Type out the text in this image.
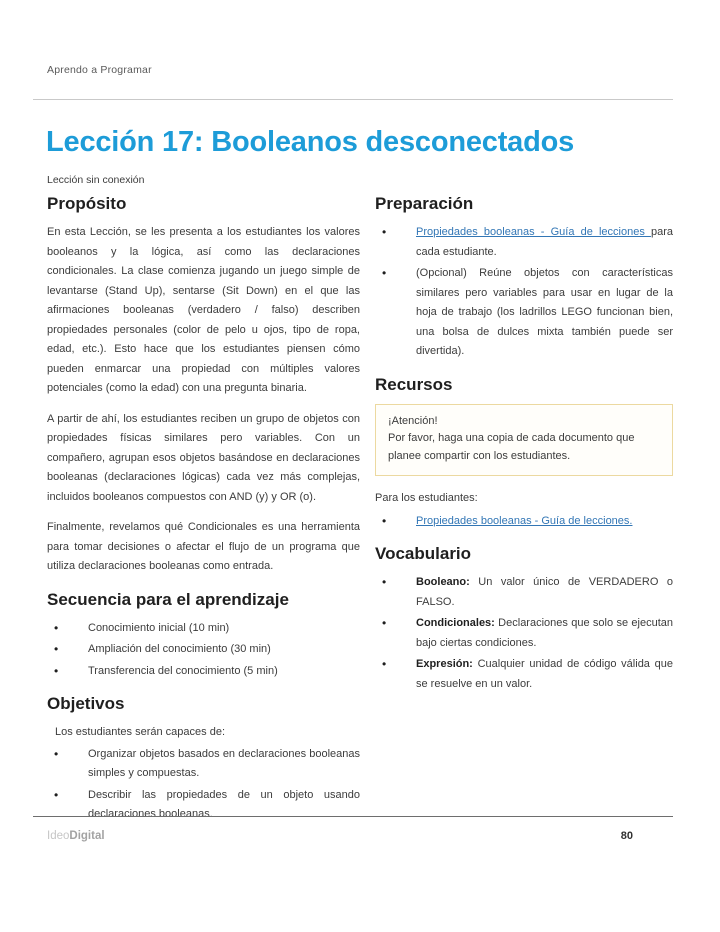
Aprendo a Programar
Lección 17: Booleanos desconectados
Lección sin conexión
Propósito

En esta Lección, se les presenta a los estudiantes los valores booleanos y la lógica, así como las declaraciones condicionales. La clase comienza jugando un juego simple de levantarse (Stand Up), sentarse (Sit Down) en el que las afirmaciones booleanas (verdadero / falso) describen propiedades personales (color de pelo u ojos, tipo de ropa, edad, etc.). Esto hace que los estudiantes piensen cómo pueden enmarcar una propiedad con múltiples valores potenciales (como la edad) con una pregunta binaria.

A partir de ahí, los estudiantes reciben un grupo de objetos con propiedades físicas similares pero variables. Con un compañero, agrupan esos objetos basándose en declaraciones booleanas (declaraciones lógicas) cada vez más complejas, incluidos booleanos compuestos con AND (y) y OR (o).

Finalmente, revelamos qué Condicionales es una herramienta para tomar decisiones o afectar el flujo de un programa que utiliza declaraciones booleanas como entrada.

Secuencia para el aprendizaje
• Conocimiento inicial (10 min)
• Ampliación del conocimiento (30 min)
• Transferencia del conocimiento (5 min)
Objetivos

Los estudiantes serán capaces de:

• Organizar objetos basados en declaraciones booleanas simples y compuestas.
• Describir las propiedades de un objeto usando declaraciones booleanas.
Preparación
• Propiedades booleanas - Guía de lecciones para cada estudiante.
• (Opcional) Reúne objetos con características similares pero variables para usar en lugar de la hoja de trabajo (los ladrillos LEGO funcionan bien, una bolsa de dulces mixta también puede ser divertida).
Recursos
¡Atención!
Por favor, haga una copia de cada documento que planee compartir con los estudiantes.

Para los estudiantes:

• Propiedades booleanas - Guía de lecciones.
Vocabulario
• Booleano: Un valor único de VERDADERO o FALSO.
• Condicionales: Declaraciones que solo se ejecutan bajo ciertas condiciones.
• Expresión: Cualquier unidad de código válida que se resuelve en un valor.
IdeoDigital	80
